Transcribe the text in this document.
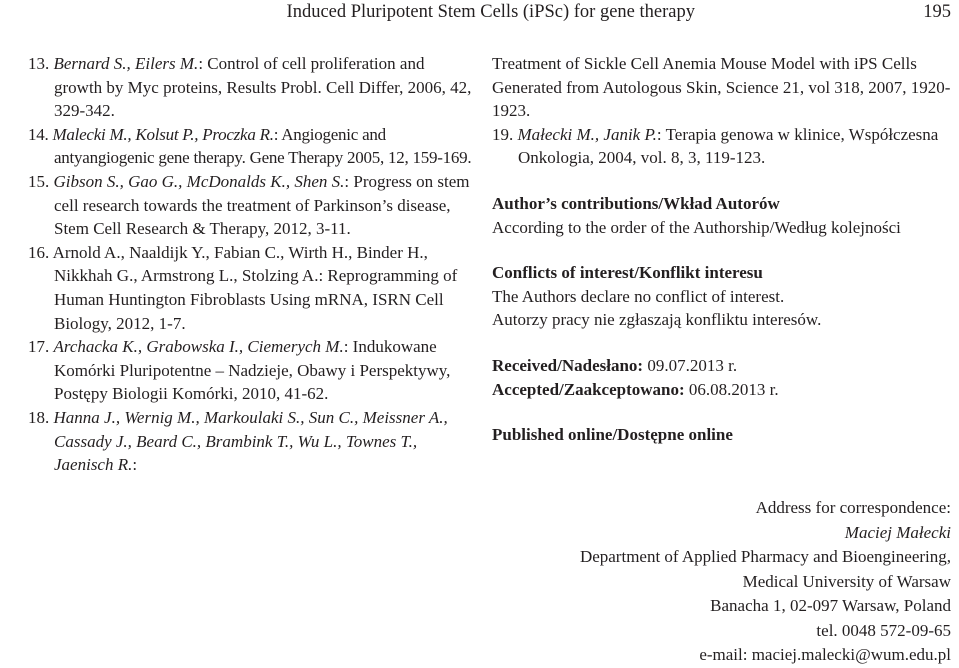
Induced Pluripotent Stem Cells (iPSc) for gene therapy	195

13. Bernard S., Eilers M.: Control of cell proliferation and growth by Myc proteins, Results Probl. Cell Differ, 2006, 42, 329-342.

14. Malecki M., Kolsut P., Proczka R.: Angiogenic and antyangiogenic gene therapy. Gene Therapy 2005, 12, 159-169.

15. Gibson S., Gao G., McDonalds K., Shen S.: Progress on stem cell research towards the treatment of Parkinson’s disease, Stem Cell Research & Therapy, 2012, 3-11.

16. Arnold A., Naaldijk Y., Fabian C., Wirth H., Binder H., Nikkhah G., Armstrong L., Stolzing A.: Reprogramming of Human Huntington Fibroblasts Using mRNA, ISRN Cell Biology, 2012, 1-7.

17. Archacka K., Grabowska I., Ciemerych M.: Indukowane Komórki Pluripotentne – Nadzieje, Obawy i Perspektywy, Postępy Biologii Komórki, 2010, 41-62.

18. Hanna J., Wernig M., Markoulaki S., Sun C., Meissner A., Cassady J., Beard C., Brambink T., Wu L., Townes T., Jaenisch R.:

Treatment of Sickle Cell Anemia Mouse Model with iPS Cells Generated from Autologous Skin, Science 21, vol 318, 2007, 1920-1923.

19. Małecki M., Janik P.: Terapia genowa w klinice, Współczesna Onkologia, 2004, vol. 8, 3, 119-123.

Author’s contributions/Wkład Autorów

According to the order of the Authorship/Według kolejności

Conflicts of interest/Konflikt interesu

The Authors declare no conflict of interest.

Autorzy pracy nie zgłaszają konfliktu interesów.

Received/Nadesłano: 09.07.2013 r.

Accepted/Zaakceptowano: 06.08.2013 r.

Published online/Dostępne online

Address for correspondence:
Maciej Małecki
Department of Applied Pharmacy and Bioengineering,
Medical University of Warsaw
Banacha 1, 02-097 Warsaw, Poland
tel. 0048 572-09-65
e-mail: maciej.malecki@wum.edu.pl
